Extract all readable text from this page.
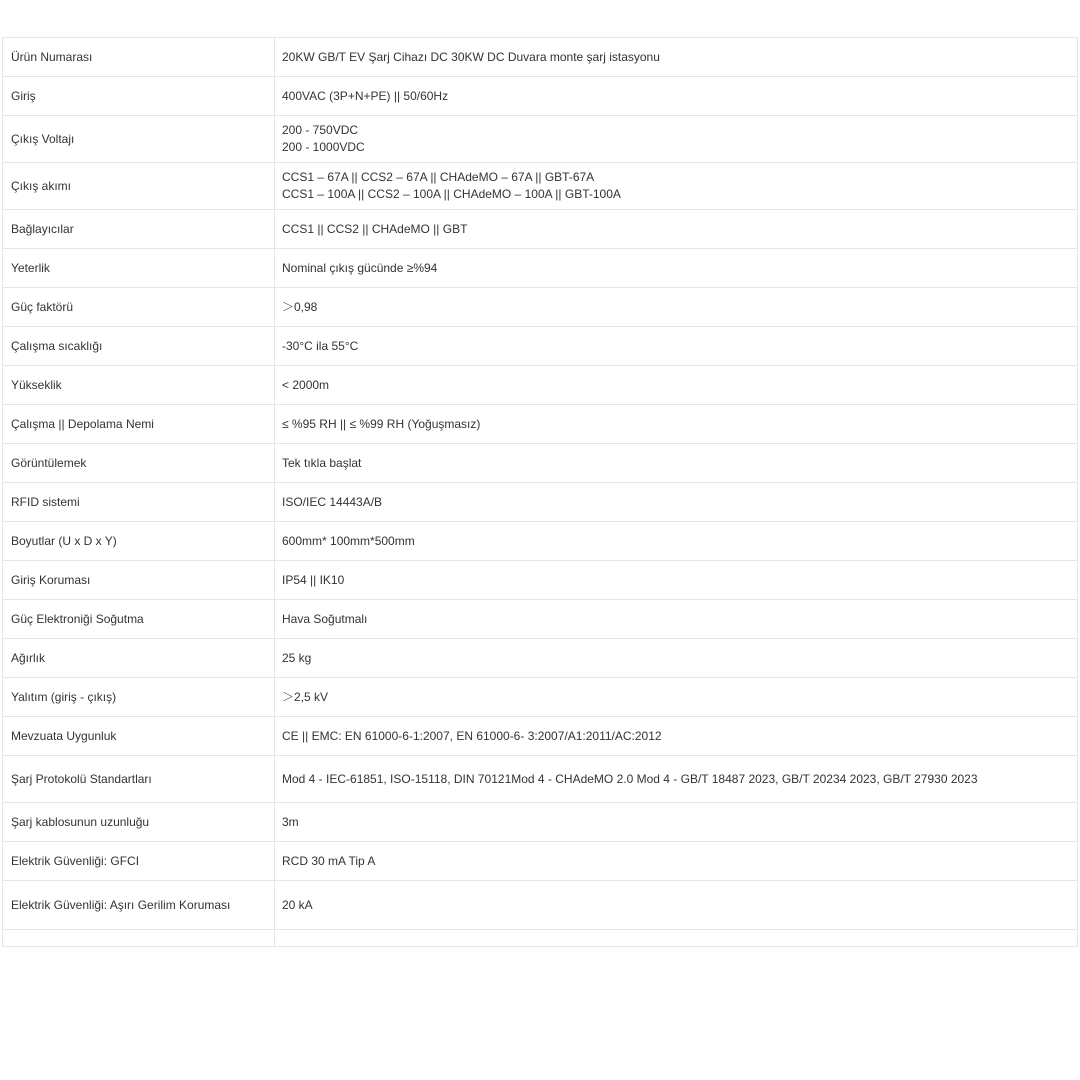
Ürün Numarası	20KW GB/T EV Şarj Cihazı DC 30KW DC Duvara monte şarj istasyonu

Giriş	400VAC (3P+N+PE) || 50/60Hz

Çıkış Voltajı	200 - 750VDC
200 - 1000VDC

Çıkış akımı	CCS1 – 67A || CCS2 – 67A || CHAdeMO – 67A || GBT-67A
CCS1 – 100A || CCS2 – 100A || CHAdeMO – 100A || GBT-100A

Bağlayıcılar	CCS1 || CCS2 || CHAdeMO || GBT

Yeterlik	Nominal çıkış gücünde ≥%94

Güç faktörü	＞0,98

Çalışma sıcaklığı	-30°C ila 55°C

Yükseklik	< 2000m

Çalışma || Depolama Nemi	≤ %95 RH || ≤ %99 RH (Yoğuşmasız)

Görüntülemek	Tek tıkla başlat

RFID sistemi	ISO/IEC 14443A/B

Boyutlar (U x D x Y)	600mm* 100mm*500mm

Giriş Koruması	IP54 || IK10

Güç Elektroniği Soğutma	Hava Soğutmalı

Ağırlık	25 kg

Yalıtım (giriş - çıkış)	＞2,5 kV

Mevzuata Uygunluk	CE || EMC: EN 61000-6-1:2007, EN 61000-6- 3:2007/A1:2011/AC:2012

Şarj Protokolü Standartları	Mod 4 - IEC-61851, ISO-15118, DIN 70121Mod 4 - CHAdeMO 2.0 Mod 4 - GB/T 18487 2023, GB/T 20234 2023, GB/T 27930 2023

Şarj kablosunun uzunluğu	3m

Elektrik Güvenliği: GFCI	RCD 30 mA Tip A

Elektrik Güvenliği: Aşırı Gerilim Koruması	20 kA
